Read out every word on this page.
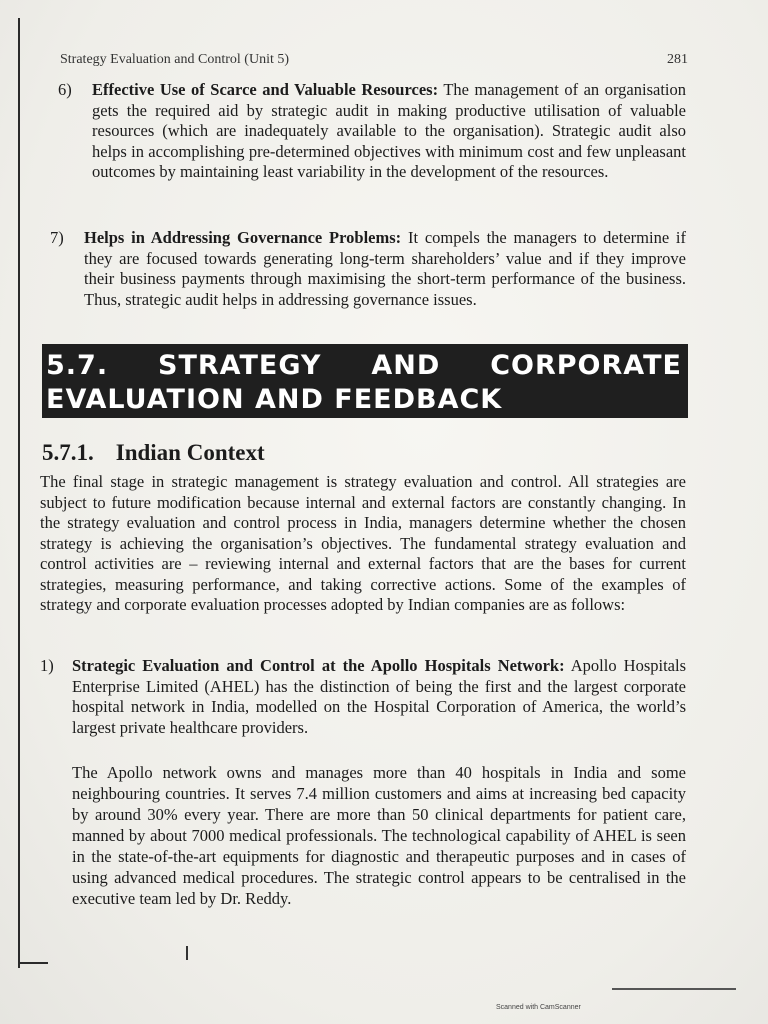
Strategy Evaluation and Control (Unit 5)	281
6) Effective Use of Scarce and Valuable Resources: The management of an organisation gets the required aid by strategic audit in making productive utilisation of valuable resources (which are inadequately available to the organisation). Strategic audit also helps in accomplishing pre-determined objectives with minimum cost and few unpleasant outcomes by maintaining least variability in the development of the resources.
7) Helps in Addressing Governance Problems: It compels the managers to determine if they are focused towards generating long-term shareholders’ value and if they improve their business payments through maximising the short-term performance of the business. Thus, strategic audit helps in addressing governance issues.
5.7. STRATEGY AND CORPORATE
EVALUATION AND FEEDBACK
5.7.1. Indian Context
The final stage in strategic management is strategy evaluation and control. All strategies are subject to future modification because internal and external factors are constantly changing. In the strategy evaluation and control process in India, managers determine whether the chosen strategy is achieving the organisation’s objectives. The fundamental strategy evaluation and control activities are – reviewing internal and external factors that are the bases for current strategies, measuring performance, and taking corrective actions. Some of the examples of strategy and corporate evaluation processes adopted by Indian companies are as follows:
1) Strategic Evaluation and Control at the Apollo Hospitals Network: Apollo Hospitals Enterprise Limited (AHEL) has the distinction of being the first and the largest corporate hospital network in India, modelled on the Hospital Corporation of America, the world’s largest private healthcare providers.
The Apollo network owns and manages more than 40 hospitals in India and some neighbouring countries. It serves 7.4 million customers and aims at increasing bed capacity by around 30% every year. There are more than 50 clinical departments for patient care, manned by about 7000 medical professionals. The technological capability of AHEL is seen in the state-of-the-art equipments for diagnostic and therapeutic purposes and in cases of using advanced medical procedures. The strategic control appears to be centralised in the executive team led by Dr. Reddy.
Scanned with CamScanner
